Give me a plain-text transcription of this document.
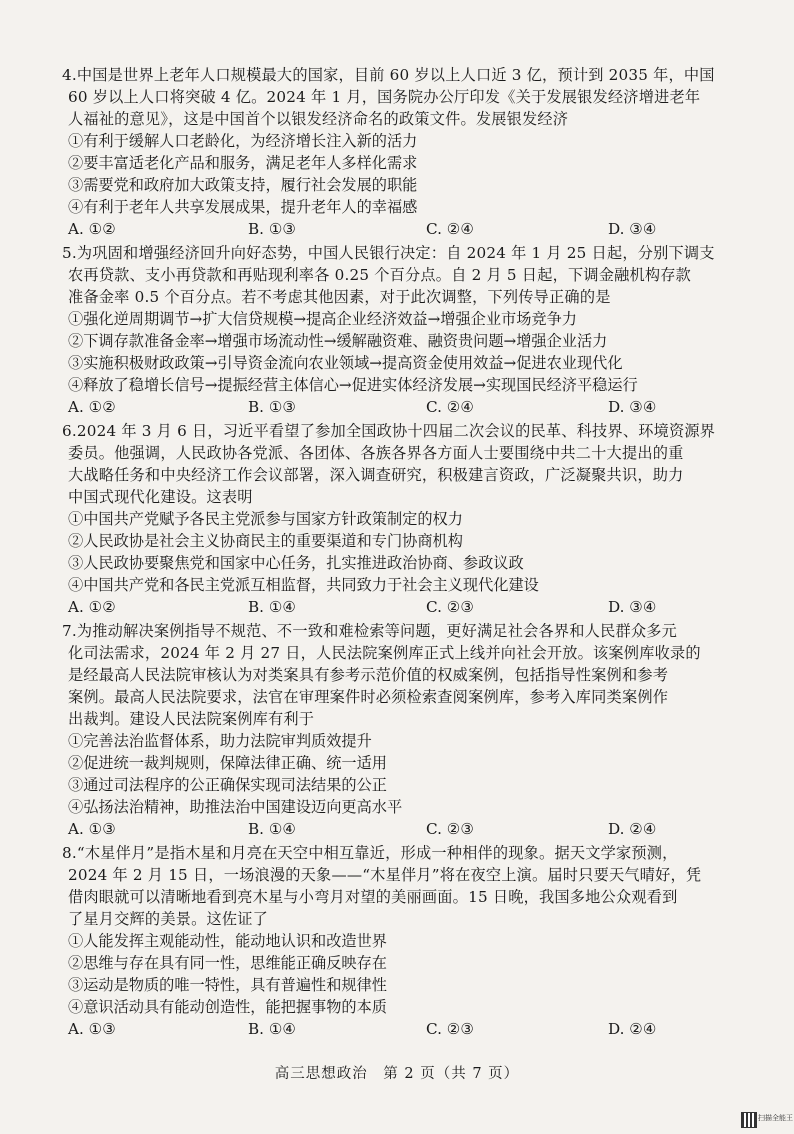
4.中国是世界上老年人口规模最大的国家，目前 60 岁以上人口近 3 亿，预计到 2035 年，中国
60 岁以上人口将突破 4 亿。2024 年 1 月，国务院办公厅印发《关于发展银发经济增进老年
人福祉的意见》，这是中国首个以银发经济命名的政策文件。发展银发经济
①有利于缓解人口老龄化，为经济增长注入新的活力
②要丰富适老化产品和服务，满足老年人多样化需求
③需要党和政府加大政策支持，履行社会发展的职能
④有利于老年人共享发展成果，提升老年人的幸福感
A. ①②	B. ①③	C. ②④	D. ③④
5.为巩固和增强经济回升向好态势，中国人民银行决定：自 2024 年 1 月 25 日起，分别下调支
农再贷款、支小再贷款和再贴现利率各 0.25 个百分点。自 2 月 5 日起，下调金融机构存款
准备金率 0.5 个百分点。若不考虑其他因素，对于此次调整，下列传导正确的是
①强化逆周期调节→扩大信贷规模→提高企业经济效益→增强企业市场竞争力
②下调存款准备金率→增强市场流动性→缓解融资难、融资贵问题→增强企业活力
③实施积极财政政策→引导资金流向农业领域→提高资金使用效益→促进农业现代化
④释放了稳增长信号→提振经营主体信心→促进实体经济发展→实现国民经济平稳运行
A. ①②	B. ①③	C. ②④	D. ③④
6.2024 年 3 月 6 日，习近平看望了参加全国政协十四届二次会议的民革、科技界、环境资源界
委员。他强调，人民政协各党派、各团体、各族各界各方面人士要围绕中共二十大提出的重
大战略任务和中央经济工作会议部署，深入调查研究，积极建言资政，广泛凝聚共识，助力
中国式现代化建设。这表明
①中国共产党赋予各民主党派参与国家方针政策制定的权力
②人民政协是社会主义协商民主的重要渠道和专门协商机构
③人民政协要聚焦党和国家中心任务，扎实推进政治协商、参政议政
④中国共产党和各民主党派互相监督，共同致力于社会主义现代化建设
A. ①②	B. ①④	C. ②③	D. ③④
7.为推动解决案例指导不规范、不一致和难检索等问题，更好满足社会各界和人民群众多元
化司法需求，2024 年 2 月 27 日，人民法院案例库正式上线并向社会开放。该案例库收录的
是经最高人民法院审核认为对类案具有参考示范价值的权威案例，包括指导性案例和参考
案例。最高人民法院要求，法官在审理案件时必须检索查阅案例库，参考入库同类案例作
出裁判。建设人民法院案例库有利于
①完善法治监督体系，助力法院审判质效提升
②促进统一裁判规则，保障法律正确、统一适用
③通过司法程序的公正确保实现司法结果的公正
④弘扬法治精神，助推法治中国建设迈向更高水平
A. ①③	B. ①④	C. ②③	D. ②④
8.“木星伴月”是指木星和月亮在天空中相互靠近，形成一种相伴的现象。据天文学家预测，
2024 年 2 月 15 日，一场浪漫的天象——“木星伴月”将在夜空上演。届时只要天气晴好，凭
借肉眼就可以清晰地看到亮木星与小弯月对望的美丽画面。15 日晚，我国多地公众观看到
了星月交辉的美景。这佐证了
①人能发挥主观能动性，能动地认识和改造世界
②思维与存在具有同一性，思维能正确反映存在
③运动是物质的唯一特性，具有普遍性和规律性
④意识活动具有能动创造性，能把握事物的本质
A. ①③	B. ①④	C. ②③	D. ②④
高三思想政治　第 2 页（共 7 页）
扫描全能王
